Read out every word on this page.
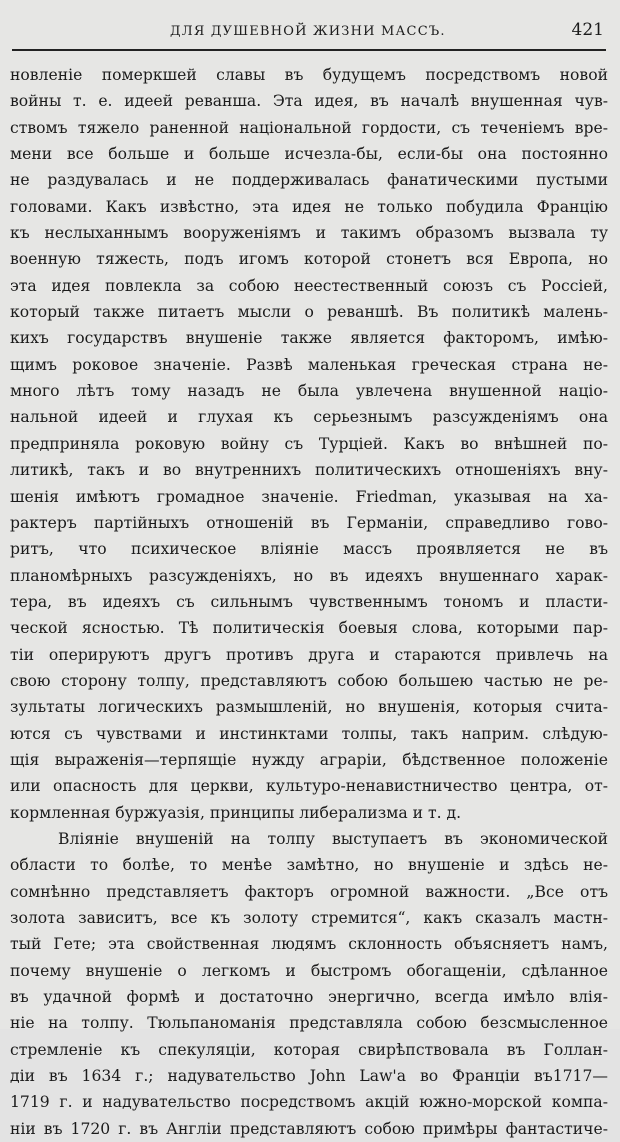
ДЛЯ ДУШЕВНОЙ ЖИЗНИ МАССЪ.	421
новленіе померкшей славы въ будущемъ посредствомъ новой
войны т. е. идеей реванша. Эта идея, въ началѣ внушенная чув-
ствомъ тяжело раненной національной гордости, съ теченіемъ вре-
мени все больше и больше исчезла-бы, если-бы она постоянно
не раздувалась и не поддерживалась фанатическими пустыми
головами. Какъ извѣстно, эта идея не только побудила Францію
къ неслыханнымъ вооруженіямъ и такимъ образомъ вызвала ту
военную тяжесть, подъ игомъ которой стонетъ вся Европа, но
эта идея повлекла за собою неестественный союзъ съ Россіей,
который также питаетъ мысли о реваншѣ. Въ политикѣ малень-
кихъ государствъ внушеніе также является факторомъ, имѣю-
щимъ роковое значеніе. Развѣ маленькая греческая страна не-
много лѣтъ тому назадъ не была увлечена внушенной націо-
нальной идеей и глухая къ серьезнымъ разсужденіямъ она
предприняла роковую войну съ Турціей. Какъ во внѣшней по-
литикѣ, такъ и во внутреннихъ политическихъ отношеніяхъ вну-
шенія имѣютъ громадное значеніе. Friedman, указывая на ха-
рактеръ партійныхъ отношеній въ Германіи, справедливо гово-
ритъ, что психическое вліяніе массъ проявляется не въ
планомѣрныхъ разсужденіяхъ, но въ идеяхъ внушеннаго харак-
тера, въ идеяхъ съ сильнымъ чувственнымъ тономъ и пласти-
ческой ясностью. Тѣ политическія боевыя слова, которыми пар-
тіи оперируютъ другъ противъ друга и стараются привлечь на
свою сторону толпу, представляютъ собою большею частью не ре-
зультаты логическихъ размышленій, но внушенія, которыя счита-
ются съ чувствами и инстинктами толпы, такъ наприм. слѣдую-
щія выраженія—терпящіе нужду аграріи, бѣдственное положеніе
или опасность для церкви, культуро-ненавистничество центра, от-
кормленная буржуазія, принципы либерализма и т. д.
Вліяніе внушеній на толпу выступаетъ въ экономической
области то болѣе, то менѣе замѣтно, но внушеніе и здѣсь не-
сомнѣнно представляетъ факторъ огромной важности. „Все отъ
золота зависитъ, все къ золоту стремится“, какъ сказалъ мастн-
тый Гете; эта свойственная людямъ склонность объясняетъ намъ,
почему внушеніе о легкомъ и быстромъ обогащеніи, сдѣланное
въ удачной формѣ и достаточно энергично, всегда имѣло влія-
ніе на толпу. Тюльпаноманія представляла собою безсмысленное
стремленіе къ спекуляціи, которая свирѣпствовала въ Голлан-
діи въ 1634 г.; надувательство John Law'a во Франціи въ1717—
1719 г. и надувательство посредствомъ акцій южно-морской компа-
ніи въ 1720 г. въ Англіи представляютъ собою примѣры фантастиче-
